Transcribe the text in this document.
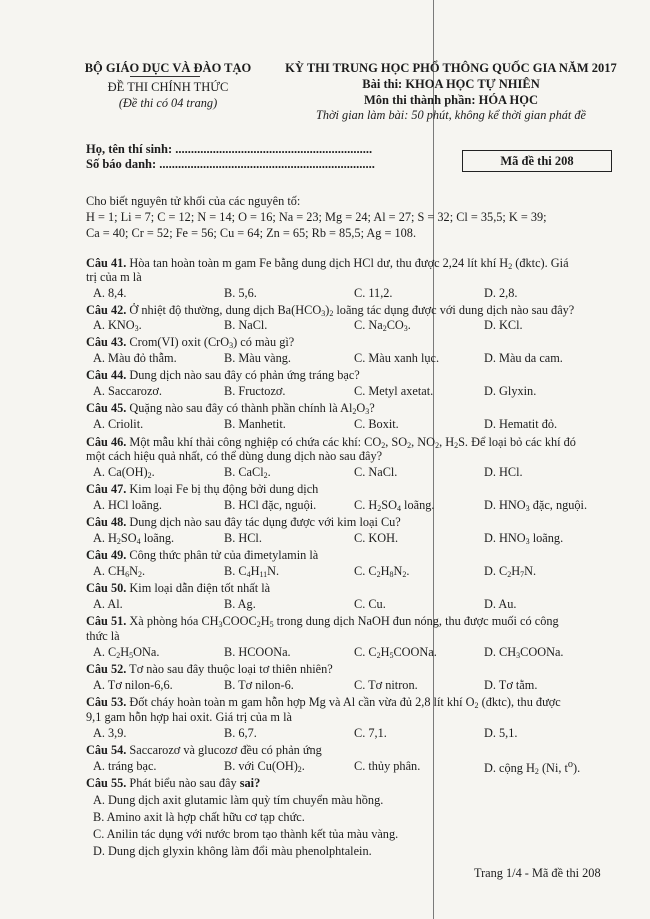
BỘ GIÁO DỤC VÀ ĐÀO TẠO
ĐỀ THI CHÍNH THỨC
(Đề thi có 04 trang)
KỲ THI TRUNG HỌC PHỔ THÔNG QUỐC GIA NĂM 2017
Bài thi: KHOA HỌC TỰ NHIÊN
Môn thi thành phần: HÓA HỌC
Thời gian làm bài: 50 phút, không kể thời gian phát đề
Họ, tên thí sinh: ...............................................................
Số báo danh: .....................................................................	Mã đề thi 208
Cho biết nguyên tử khối của các nguyên tố:
H = 1; Li = 7; C = 12; N = 14; O = 16; Na = 23; Mg = 24; Al = 27; S = 32; Cl = 35,5; K = 39;
Ca = 40; Cr = 52; Fe = 56; Cu = 64; Zn = 65; Rb = 85,5; Ag = 108.
Câu 41. Hòa tan hoàn toàn m gam Fe bằng dung dịch HCl dư, thu được 2,24 lít khí $H_2$ (đktc). Giá
trị của m là
A. 8,4.	B. 5,6.	C. 11,2.	D. 2,8.
Câu 42. Ở nhiệt độ thường, dung dịch $Ba(HCO_3)_2$ loãng tác dụng được với dung dịch nào sau đây?
A. $KNO_3$.	B. NaCl.	C. $Na_2CO_3$.	D. KCl.
Câu 43. Crom(VI) oxit (CrO$_3$) có màu gì?
A. Màu đỏ thẫm.	B. Màu vàng.	C. Màu xanh lục.	D. Màu da cam.
Câu 44. Dung dịch nào sau đây có phản ứng tráng bạc?
A. Saccarozơ.	B. Fructozơ.	C. Metyl axetat.	D. Glyxin.
Câu 45. Quặng nào sau đây có thành phần chính là $Al_2O_3$?
A. Criolit.	B. Manhetit.	C. Boxit.	D. Hematit đỏ.
Câu 46. Một mẫu khí thải công nghiệp có chứa các khí: $CO_2$, $SO_2$, $NO_2$, $H_2S$. Để loại bỏ các khí đó
một cách hiệu quả nhất, có thể dùng dung dịch nào sau đây?
A. $Ca(OH)_2$.	B. CaCl$_2$.	C. NaCl.	D. HCl.
Câu 47. Kim loại Fe bị thụ động bởi dung dịch
A. HCl loãng.	B. HCl đặc, nguội.	C. $H_2SO_4$ loãng.	D. $HNO_3$ đặc, nguội.
Câu 48. Dung dịch nào sau đây tác dụng được với kim loại Cu?
A. $H_2SO_4$ loãng.	B. HCl.	C. KOH.	D. $HNO_3$ loãng.
Câu 49. Công thức phân tử của đimetylamin là
A. $CH_6N_2$.	B. $C_4H_{11}N$.	C. $C_2H_8N_2$.	D. $C_2H_7N$.
Câu 50. Kim loại dẫn điện tốt nhất là
A. Al.	B. Ag.	C. Cu.	D. Au.
Câu 51. Xà phòng hóa $CH_3COOC_2H_5$ trong dung dịch NaOH đun nóng, thu được muối có công
thức là
A. $C_2H_5ONa$.	B. HCOONa.	C. $C_2H_5COONa$.	D. $CH_3COONa$.
Câu 52. Tơ nào sau đây thuộc loại tơ thiên nhiên?
A. Tơ nilon-6,6.	B. Tơ nilon-6.	C. Tơ nitron.	D. Tơ tằm.
Câu 53. Đốt cháy hoàn toàn m gam hỗn hợp Mg và Al cần vừa đủ 2,8 lít khí $O_2$ (đktc), thu được
9,1 gam hỗn hợp hai oxit. Giá trị của m là
A. 3,9.	B. 6,7.	C. 7,1.	D. 5,1.
Câu 54. Saccarozơ và glucozơ đều có phản ứng
A. tráng bạc.	B. với $Cu(OH)_2$.	C. thủy phân.	D. cộng $H_2$ (Ni, $t^o$).
Câu 55. Phát biểu nào sau đây sai?
A. Dung dịch axit glutamic làm quỳ tím chuyển màu hồng.
B. Amino axit là hợp chất hữu cơ tạp chức.
C. Anilin tác dụng với nước brom tạo thành kết tủa màu vàng.
D. Dung dịch glyxin không làm đổi màu phenolphtalein.
Trang 1/4 - Mã đề thi 208
